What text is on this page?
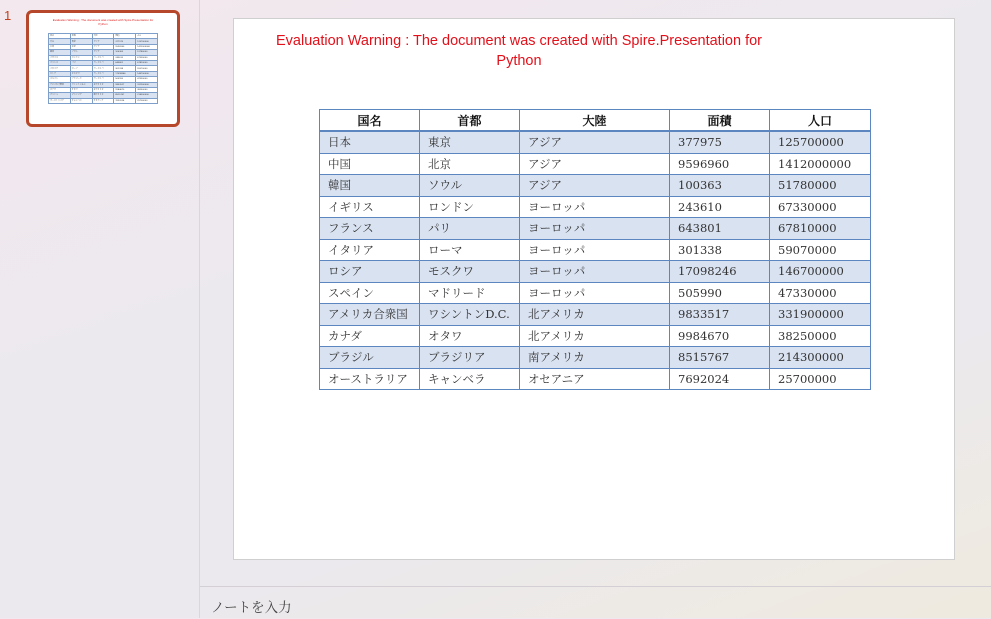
1	Evaluation Warning : The document was created with Spire.Presentation for
Python
国名	首都	大陸	面積	人口
日本	東京	アジア	377975	125700000
中国	北京	アジア	9596960	1412000000
韓国	ソウル	アジア	100363	51780000
イギリス	ロンドン	ヨーロッパ	243610	67330000
フランス	パリ	ヨーロッパ	643801	67810000
イタリア	ローマ	ヨーロッパ	301338	59070000
ロシア	モスクワ	ヨーロッパ	17098246	146700000
スペイン	マドリード	ヨーロッパ	505990	47330000
アメリカ合衆国	ワシントンD.C.	北アメリカ	9833517	331900000
カナダ	オタワ	北アメリカ	9984670	38250000
ブラジル	ブラジリア	南アメリカ	8515767	214300000
オーストラリア	キャンベラ	オセアニア	7692024	25700000
Evaluation Warning : The document was created with Spire.Presentation for
Python
国名	首都	大陸	面積	人口
日本	東京	アジア	377975	125700000
中国	北京	アジア	9596960	1412000000
韓国	ソウル	アジア	100363	51780000
イギリス	ロンドン	ヨーロッパ	243610	67330000
フランス	パリ	ヨーロッパ	643801	67810000
イタリア	ローマ	ヨーロッパ	301338	59070000
ロシア	モスクワ	ヨーロッパ	17098246	146700000
スペイン	マドリード	ヨーロッパ	505990	47330000
アメリカ合衆国	ワシントンD.C.	北アメリカ	9833517	331900000
カナダ	オタワ	北アメリカ	9984670	38250000
ブラジル	ブラジリア	南アメリカ	8515767	214300000
オーストラリア	キャンベラ	オセアニア	7692024	25700000
ノートを入力
